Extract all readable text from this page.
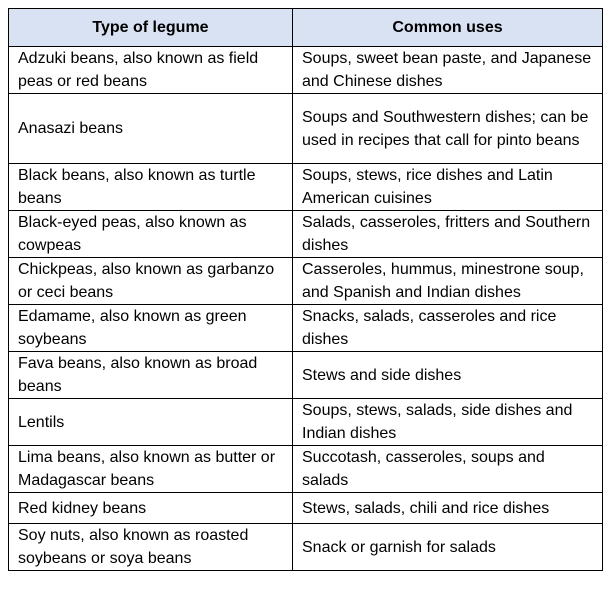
Type of legume	Common uses
Adzuki beans, also known as field peas or red beans	Soups, sweet bean paste, and Japanese and Chinese dishes
Anasazi beans	Soups and Southwestern dishes; can be used in recipes that call for pinto beans
Black beans, also known as turtle beans	Soups, stews, rice dishes and Latin American cuisines
Black-eyed peas, also known as cowpeas	Salads, casseroles, fritters and Southern dishes
Chickpeas, also known as garbanzo or ceci beans	Casseroles, hummus, minestrone soup, and Spanish and Indian dishes
Edamame, also known as green soybeans	Snacks, salads, casseroles and rice dishes
Fava beans, also known as broad beans	Stews and side dishes
Lentils	Soups, stews, salads, side dishes and Indian dishes
Lima beans, also known as butter or Madagascar beans	Succotash, casseroles, soups and salads
Red kidney beans	Stews, salads, chili and rice dishes
Soy nuts, also known as roasted soybeans or soya beans	Snack or garnish for salads
